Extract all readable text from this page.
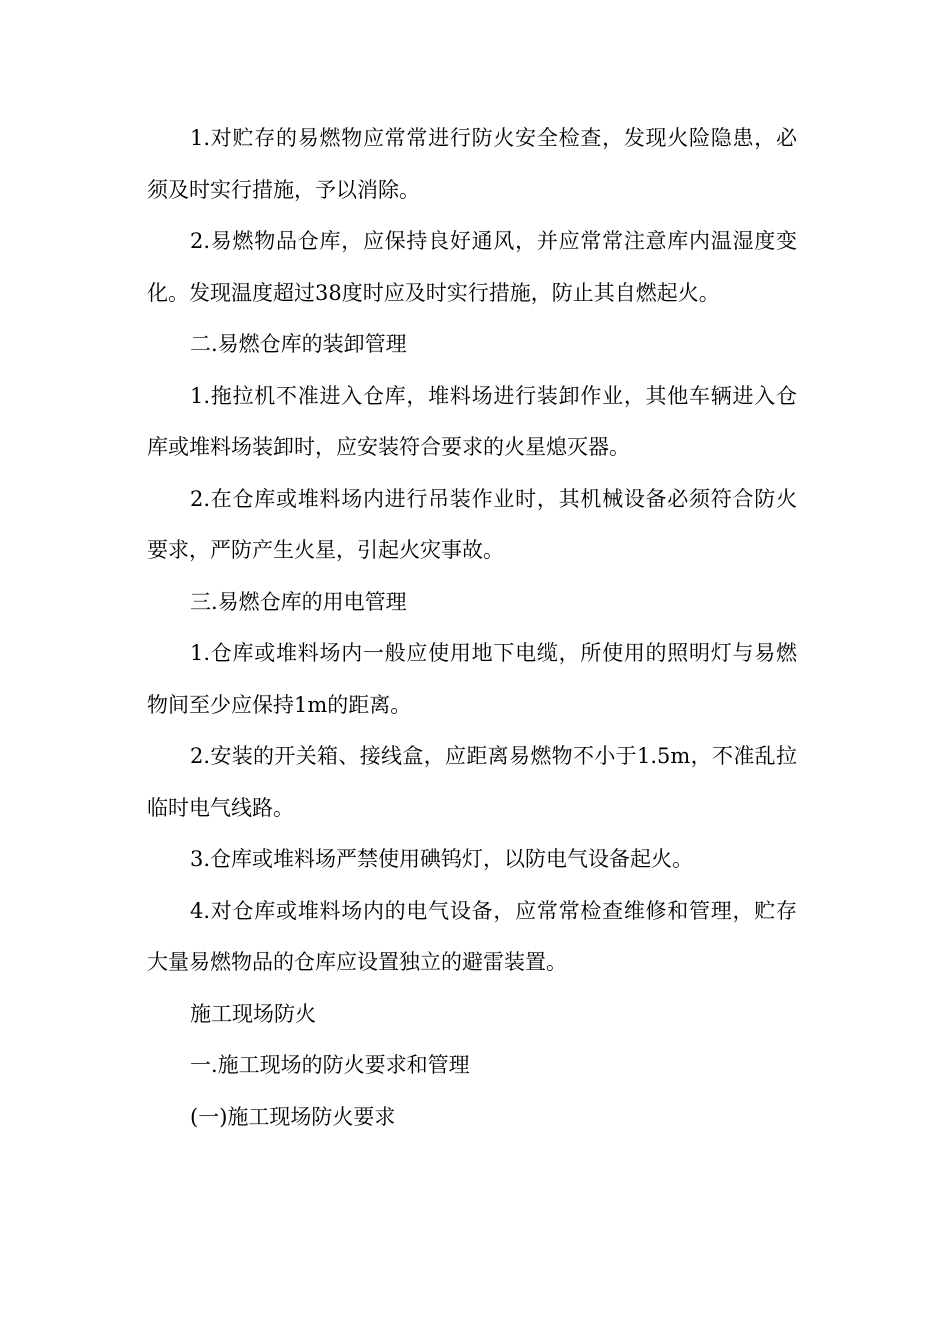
1.对贮存的易燃物应常常进行防火安全检查，发现火险隐患，必须及时实行措施，予以消除。

2.易燃物品仓库，应保持良好通风，并应常常注意库内温湿度变化。发现温度超过38度时应及时实行措施，防止其自燃起火。

二.易燃仓库的装卸管理

1.拖拉机不准进入仓库，堆料场进行装卸作业，其他车辆进入仓库或堆料场装卸时，应安装符合要求的火星熄灭器。

2.在仓库或堆料场内进行吊装作业时，其机械设备必须符合防火要求，严防产生火星，引起火灾事故。

三.易燃仓库的用电管理

1.仓库或堆料场内一般应使用地下电缆，所使用的照明灯与易燃物间至少应保持1m的距离。

2.安装的开关箱、接线盒，应距离易燃物不小于1.5m，不准乱拉临时电气线路。

3.仓库或堆料场严禁使用碘钨灯，以防电气设备起火。

4.对仓库或堆料场内的电气设备，应常常检查维修和管理，贮存大量易燃物品的仓库应设置独立的避雷装置。

施工现场防火

一.施工现场的防火要求和管理

(一)施工现场防火要求
